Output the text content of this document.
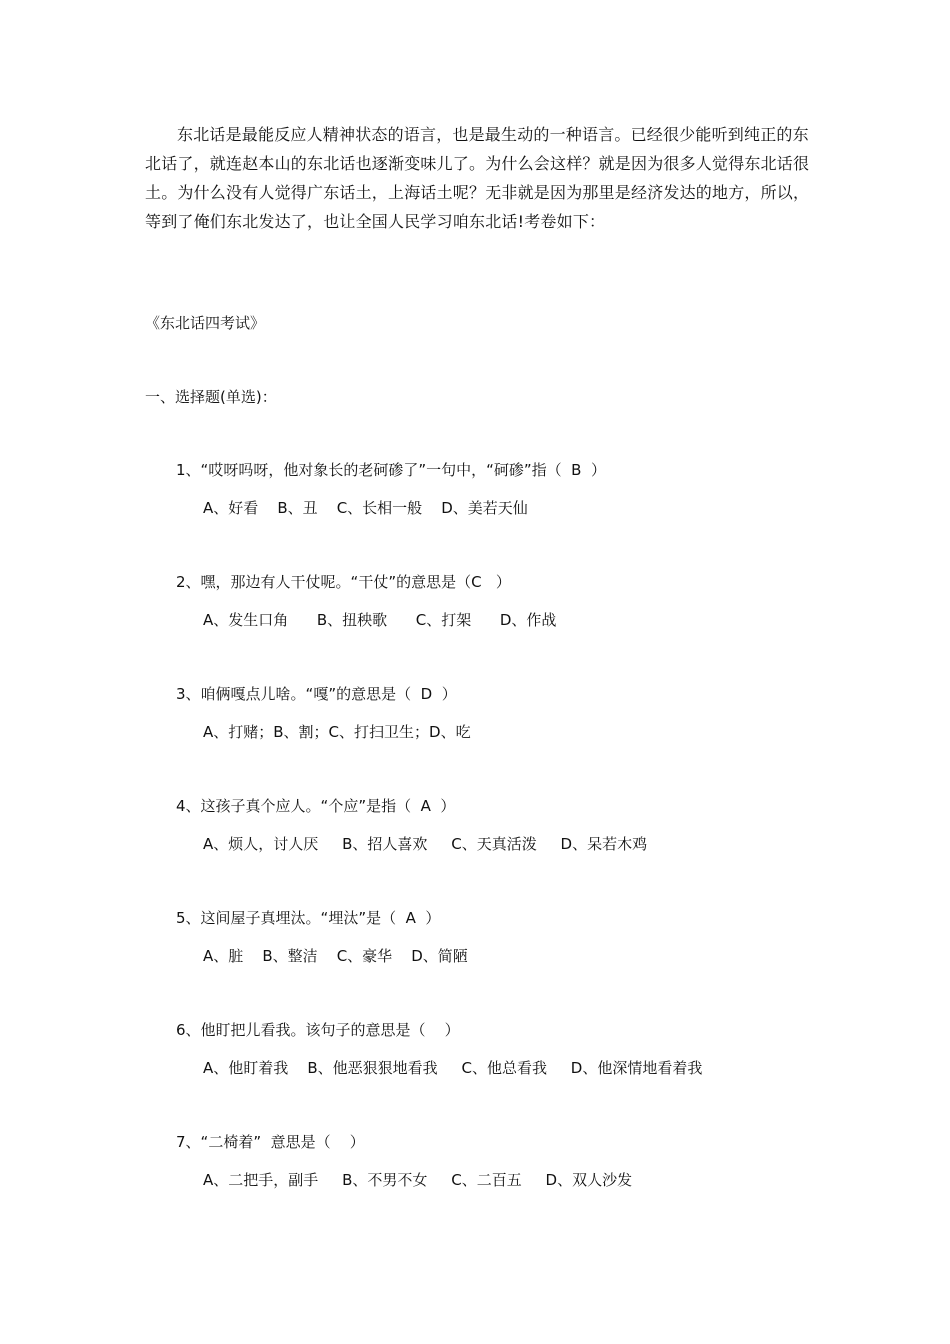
东北话是最能反应人精神状态的语言，也是最生动的一种语言。已经很少能听到纯正的东北话了，就连赵本山的东北话也逐渐变味儿了。为什么会这样？就是因为很多人觉得东北话很土。为什么没有人觉得广东话土，上海话土呢？无非就是因为那里是经济发达的地方，所以，等到了俺们东北发达了，也让全国人民学习咱东北话!考卷如下：

《东北话四考试》

一、选择题(单选)：

1、“哎呀吗呀，他对象长的老砢碜了”一句中，“砢碜”指（  B  ）

A、好看    B、丑    C、长相一般    D、美若天仙

2、嘿，那边有人干仗呢。“干仗”的意思是（C   ）

A、发生口角      B、扭秧歌      C、打架      D、作战

3、咱俩嘎点儿啥。“嘎”的意思是（  D  ）

A、打赌；B、割；C、打扫卫生；D、吃

4、这孩子真个应人。“个应”是指（  A  ）

A、烦人，讨人厌     B、招人喜欢     C、天真活泼     D、呆若木鸡

5、这间屋子真埋汰。“埋汰”是（  A  ）

A、脏    B、整洁    C、豪华    D、简陋

6、他盯把儿看我。该句子的意思是（    ）

A、他盯着我    B、他恶狠狠地看我     C、他总看我     D、他深情地看着我

7、“二椅着”  意思是（    ）

A、二把手，副手     B、不男不女     C、二百五     D、双人沙发
